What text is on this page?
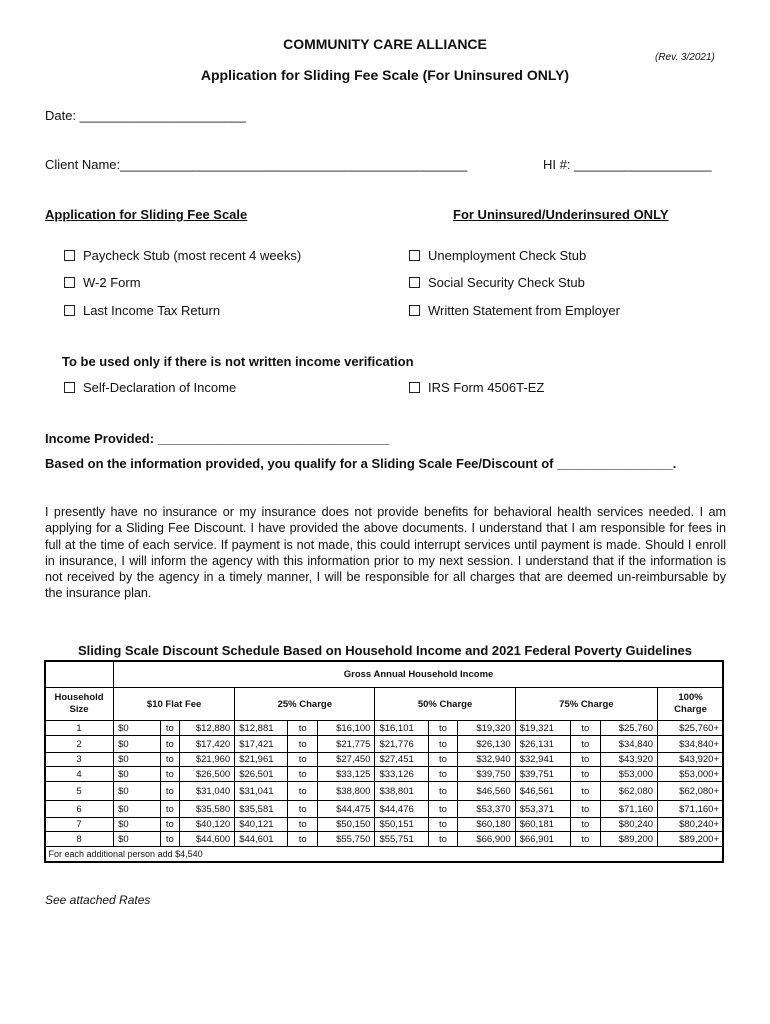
COMMUNITY CARE ALLIANCE
(Rev. 3/2021)
Application for Sliding Fee Scale (For Uninsured ONLY)
Date: _______________________
Client Name:________________________________________________	HI #: ___________________
Application for Sliding Fee Scale	For Uninsured/Underinsured ONLY
Paycheck Stub (most recent 4 weeks)
W-2 Form
Last Income Tax Return
Unemployment Check Stub
Social Security Check Stub
Written Statement from Employer
To be used only if there is not written income verification
Self-Declaration of Income	IRS Form 4506T-EZ
Income Provided: ________________________________
Based on the information provided, you qualify for a Sliding Scale Fee/Discount of ________________.
I presently have no insurance or my insurance does not provide benefits for behavioral health services needed. I am applying for a Sliding Fee Discount. I have provided the above documents. I understand that I am responsible for fees in full at the time of each service. If payment is not made, this could interrupt services until payment is made. Should I enroll in insurance, I will inform the agency with this information prior to my next session. I understand that if the information is not received by the agency in a timely manner, I will be responsible for all charges that are deemed un-reimbursable by the insurance plan.
Sliding Scale Discount Schedule Based on Household Income and 2021 Federal Poverty Guidelines
	Gross Annual Household Income												
Household Size	$10 Flat Fee			25% Charge			50% Charge			75% Charge			100% Charge
1	$0	to	$12,880	$12,881	to	$16,100	$16,101	to	$19,320	$19,321	to	$25,760	$25,760+
2	$0	to	$17,420	$17,421	to	$21,775	$21,776	to	$26,130	$26,131	to	$34,840	$34,840+
3	$0	to	$21,960	$21,961	to	$27,450	$27,451	to	$32,940	$32,941	to	$43,920	$43,920+
4	$0	to	$26,500	$26,501	to	$33,125	$33,126	to	$39,750	$39,751	to	$53,000	$53,000+
5	$0	to	$31,040	$31,041	to	$38,800	$38,801	to	$46,560	$46,561	to	$62,080	$62,080+
6	$0	to	$35,580	$35,581	to	$44,475	$44,476	to	$53,370	$53,371	to	$71,160	$71,160+
7	$0	to	$40,120	$40,121	to	$50,150	$50,151	to	$60,180	$60,181	to	$80,240	$80,240+
8	$0	to	$44,600	$44,601	to	$55,750	$55,751	to	$66,900	$66,901	to	$89,200	$89,200+
For each additional person add $4,540													
See attached Rates
